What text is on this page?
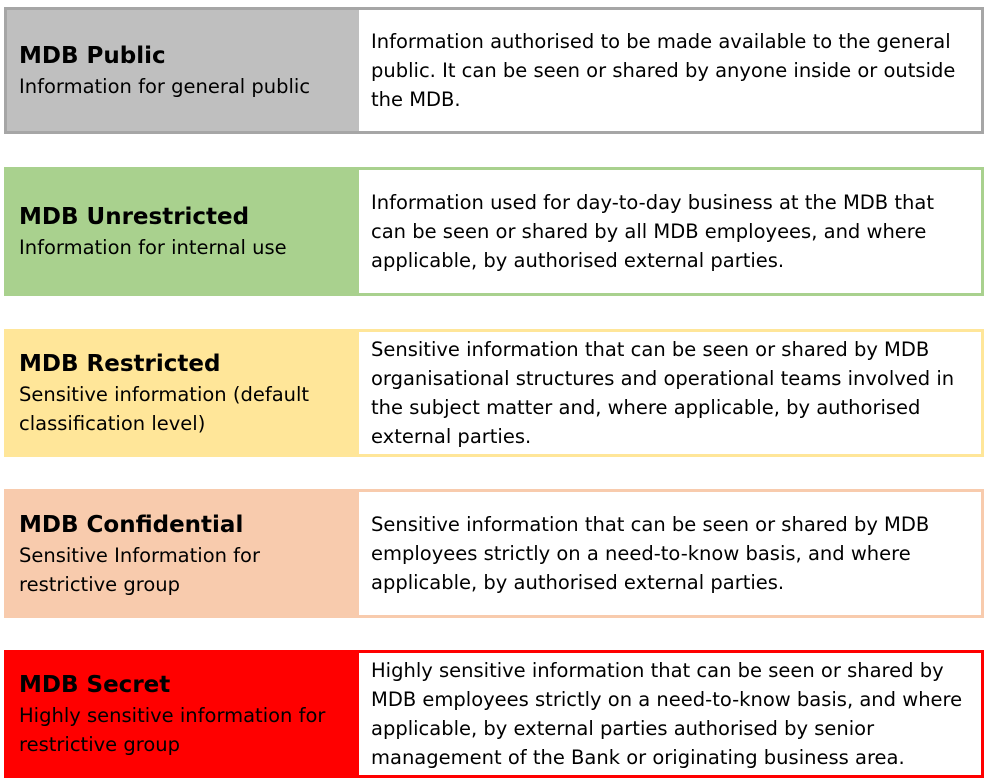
MDB Public
Information for general public
Information authorised to be made available to the general public. It can be seen or shared by anyone inside or outside the MDB.
MDB Unrestricted
Information for internal use
Information used for day-to-day business at the MDB that can be seen or shared by all MDB employees, and where applicable, by authorised external parties.
MDB Restricted
Sensitive information (default classification level)
Sensitive information that can be seen or shared by MDB organisational structures and operational teams involved in the subject matter and, where applicable, by authorised external parties.
MDB Confidential
Sensitive Information for restrictive group
Sensitive information that can be seen or shared by MDB employees strictly on a need-to-know basis, and where applicable, by authorised external parties.
MDB Secret
Highly sensitive information for restrictive group
Highly sensitive information that can be seen or shared by MDB employees strictly on a need-to-know basis, and where applicable, by external parties authorised by senior management of the Bank or originating business area.
